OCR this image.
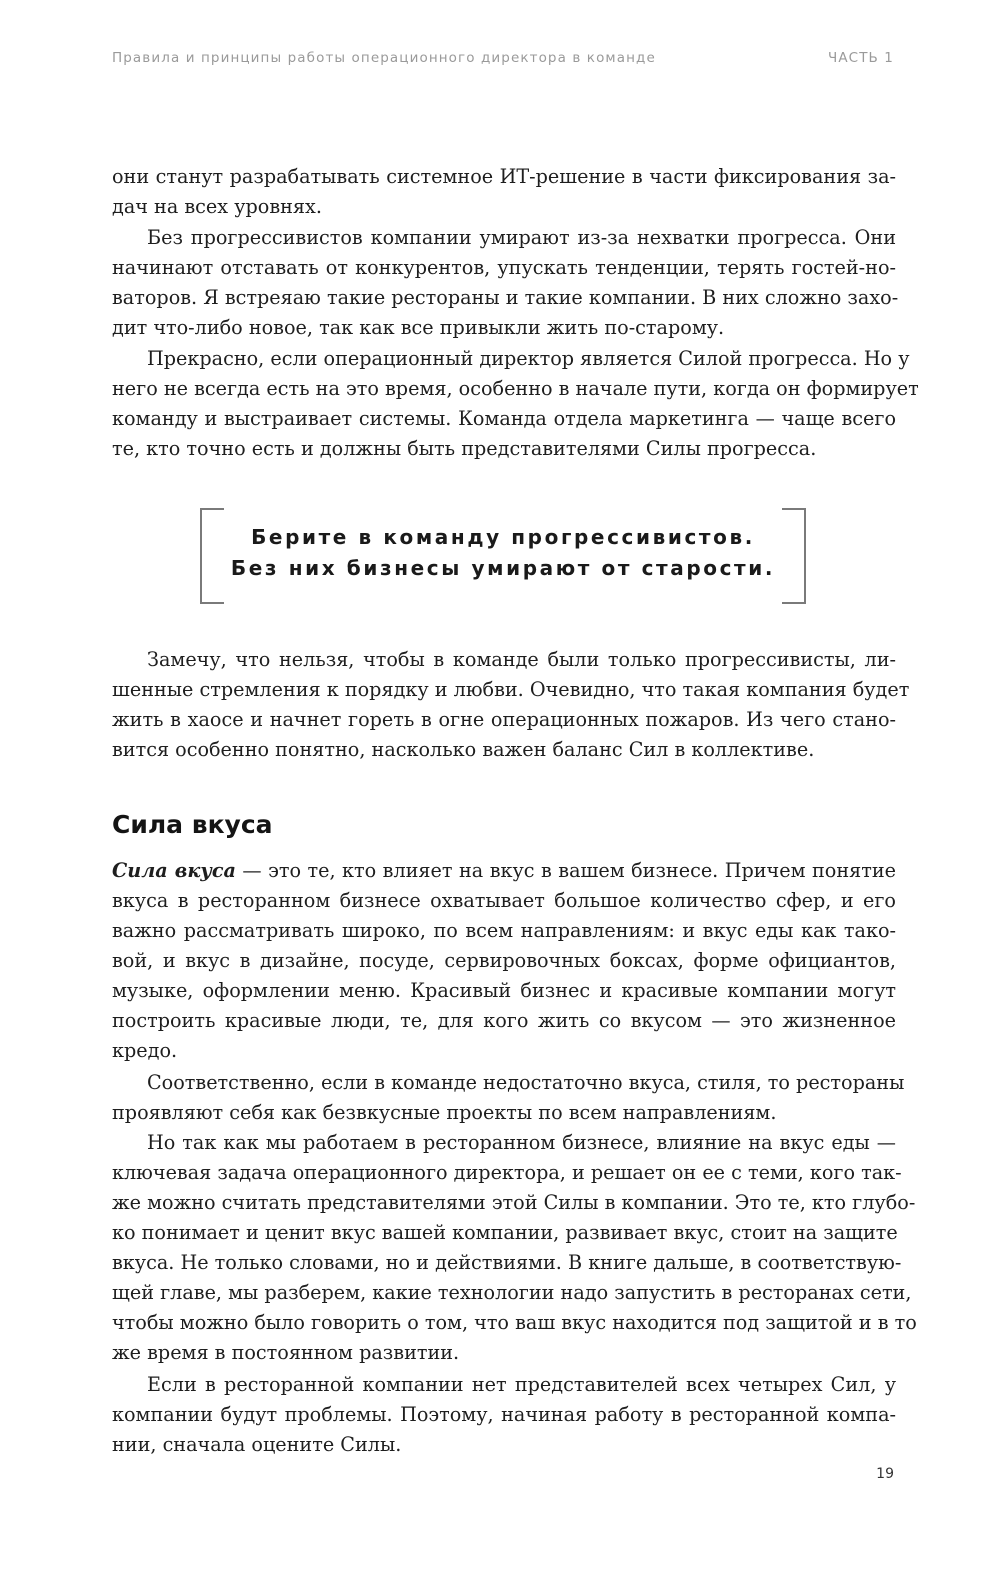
Правила и принципы работы операционного директора в команде	ЧАСТЬ 1

они станут разрабатывать системное ИТ-решение в части фиксирования за-
дач на всех уровнях.

Без прогрессивистов компании умирают из-за нехватки прогресса. Они
начинают отставать от конкурентов, упускать тенденции, терять гостей-но-
ваторов. Я встреяаю такие рестораны и такие компании. В них сложно захо-
дит что-либо новое, так как все привыкли жить по-старому.

Прекрасно, если операционный директор является Силой прогресса. Но у
него не всегда есть на это время, особенно в начале пути, когда он формирует
команду и выстраивает системы. Команда отдела маркетинга — чаще всего
те, кто точно есть и должны быть представителями Силы прогресса.

Берите в команду прогрессивистов.
Без них бизнесы умирают от старости.

Замечу, что нельзя, чтобы в команде были только прогрессивисты, ли-
шенные стремления к порядку и любви. Очевидно, что такая компания будет
жить в хаосе и начнет гореть в огне операционных пожаров. Из чего стано-
вится особенно понятно, насколько важен баланс Сил в коллективе.

Сила вкуса

Сила вкуса — это те, кто влияет на вкус в вашем бизнесе. Причем понятие
вкуса в ресторанном бизнесе охватывает большое количество сфер, и его
важно рассматривать широко, по всем направлениям: и вкус еды как тако-
вой, и вкус в дизайне, посуде, сервировочных боксах, форме официантов,
музыке, оформлении меню. Красивый бизнес и красивые компании могут
построить красивые люди, те, для кого жить со вкусом — это жизненное
кредо.

Соответственно, если в команде недостаточно вкуса, стиля, то рестораны
проявляют себя как безвкусные проекты по всем направлениям.

Но так как мы работаем в ресторанном бизнесе, влияние на вкус еды —
ключевая задача операционного директора, и решает он ее с теми, кого так-
же можно считать представителями этой Силы в компании. Это те, кто глубо-
ко понимает и ценит вкус вашей компании, развивает вкус, стоит на защите
вкуса. Не только словами, но и действиями. В книге дальше, в соответствую-
щей главе, мы разберем, какие технологии надо запустить в ресторанах сети,
чтобы можно было говорить о том, что ваш вкус находится под защитой и в то
же время в постоянном развитии.

Если в ресторанной компании нет представителей всех четырех Сил, у
компании будут проблемы. Поэтому, начиная работу в ресторанной компа-
нии, сначала оцените Силы.

19
